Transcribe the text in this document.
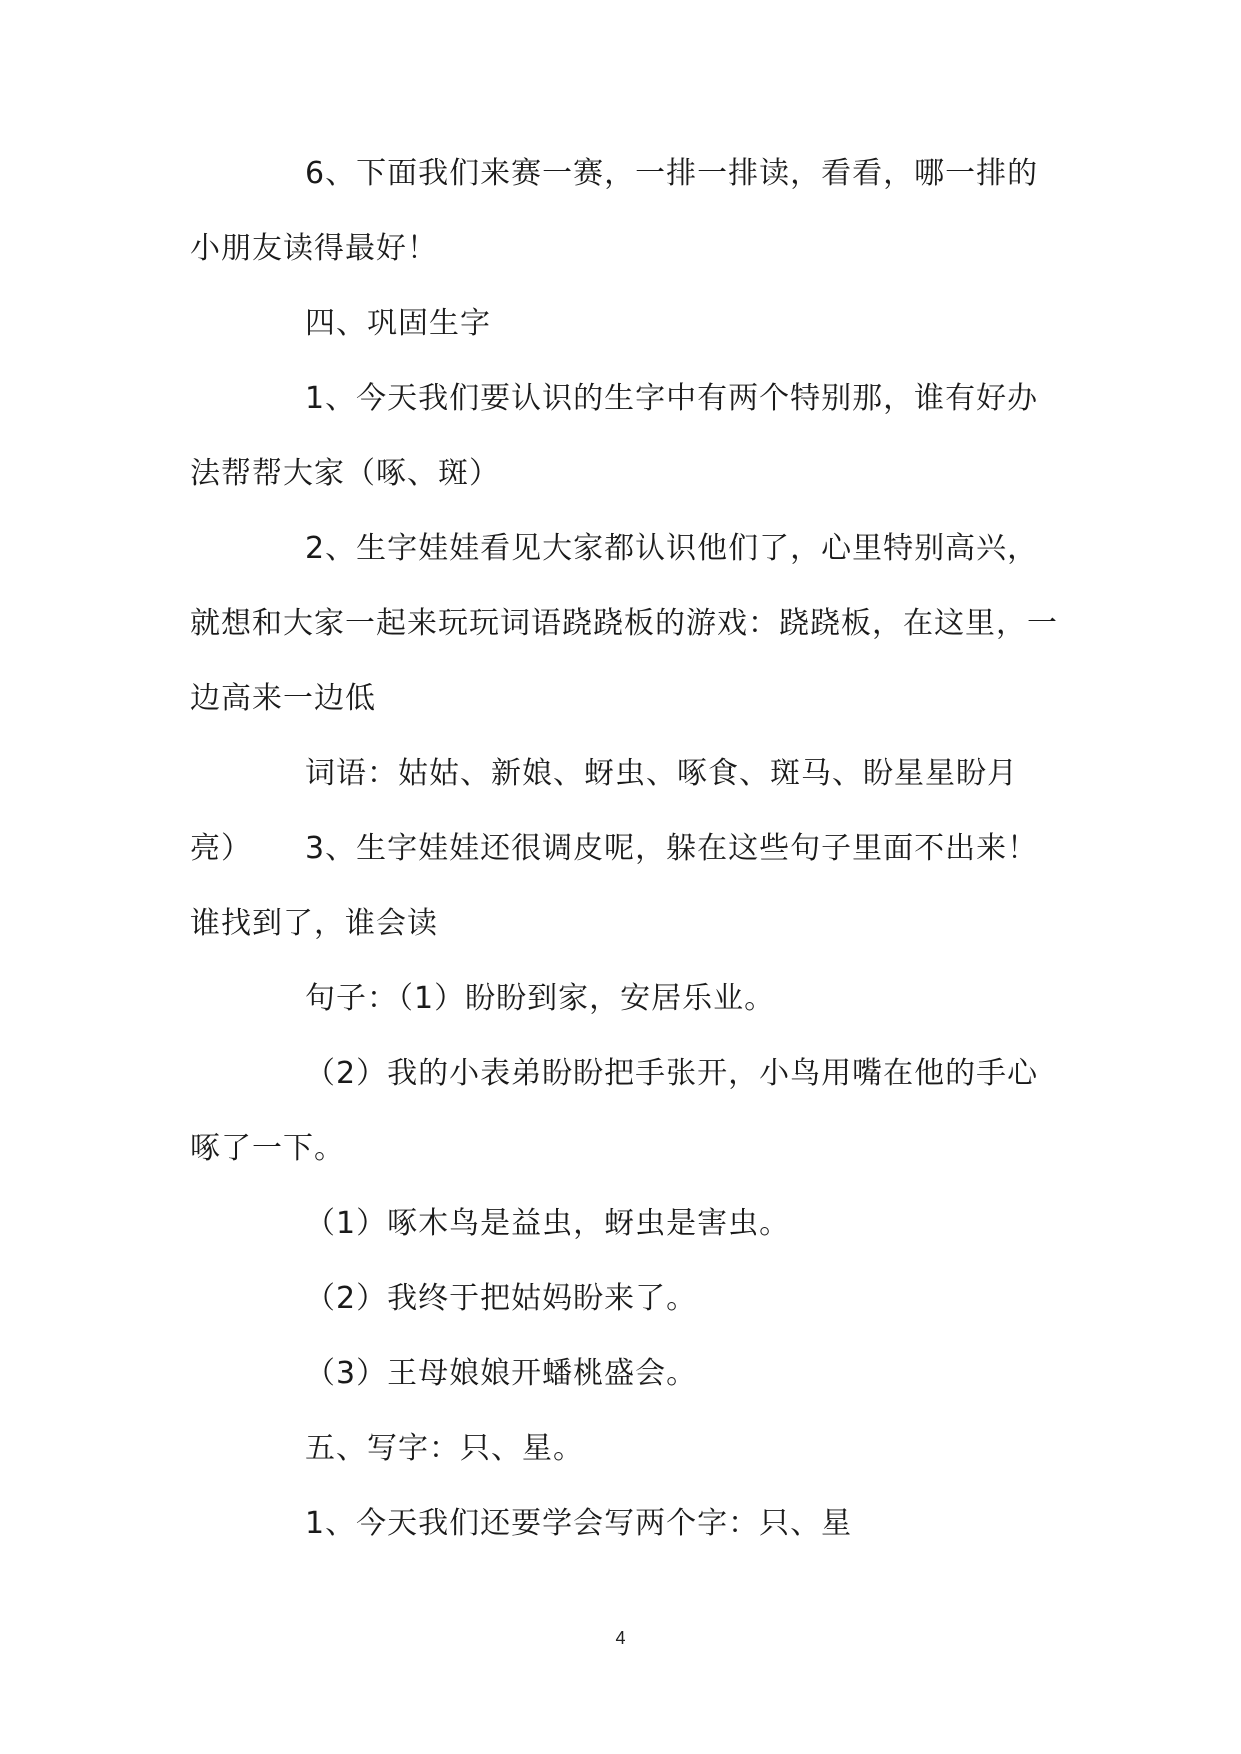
6、下面我们来赛一赛，一排一排读，看看，哪一排的小朋友读得最好！

四、巩固生字

1、今天我们要认识的生字中有两个特别那，谁有好办法帮帮大家（啄、斑）

2、生字娃娃看见大家都认识他们了，心里特别高兴，就想和大家一起来玩玩词语跷跷板的游戏：跷跷板，在这里，一边高来一边低

词语：姑姑、新娘、蚜虫、啄食、斑马、盼星星盼月亮）	3、生字娃娃还很调皮呢，躲在这些句子里面不出来！谁找到了，谁会读

句子：（1）盼盼到家，安居乐业。

（2）我的小表弟盼盼把手张开，小鸟用嘴在他的手心啄了一下。

（1）啄木鸟是益虫，蚜虫是害虫。

（2）我终于把姑妈盼来了。

（3）王母娘娘开蟠桃盛会。

五、写字：只、星。

1、今天我们还要学会写两个字：只、星

4
